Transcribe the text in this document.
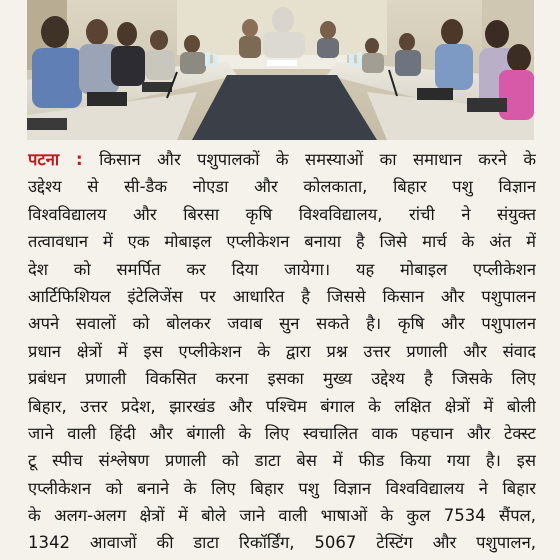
पटना : किसान और पशुपालकों के समस्याओं का समाधान करने के
उद्देश्य से सी-डैक नोएडा और कोलकाता, बिहार पशु विज्ञान
विश्वविद्यालय और बिरसा कृषि विश्वविद्यालय, रांची ने संयुक्त
तत्वावधान में एक मोबाइल एप्लीकेशन बनाया है जिसे मार्च के अंत में
देश को समर्पित कर दिया जायेगा। यह मोबाइल एप्लीकेशन
आर्टिफिशियल इंटेलिजेंस पर आधारित है जिससे किसान और पशुपालन
अपने सवालों को बोलकर जवाब सुन सकते है। कृषि और पशुपालन
प्रधान क्षेत्रों में इस एप्लीकेशन के द्वारा प्रश्न उत्तर प्रणाली और संवाद
प्रबंधन प्रणाली विकसित करना इसका मुख्य उद्देश्य है जिसके लिए
बिहार, उत्तर प्रदेश, झारखंड और पश्चिम बंगाल के लक्षित क्षेत्रों में बोली
जाने वाली हिंदी और बंगाली के लिए स्वचालित वाक पहचान और टेक्स्ट
टू स्पीच संश्लेषण प्रणाली को डाटा बेस में फीड किया गया है। इस
एप्लीकेशन को बनाने के लिए बिहार पशु विज्ञान विश्वविद्यालय ने बिहार
के अलग-अलग क्षेत्रों में बोले जाने वाली भाषाओं के कुल 7534 सैंपल,
1342 आवाजों की डाटा रिकॉर्डिंग, 5067 टेस्टिंग और पशुपालन,
